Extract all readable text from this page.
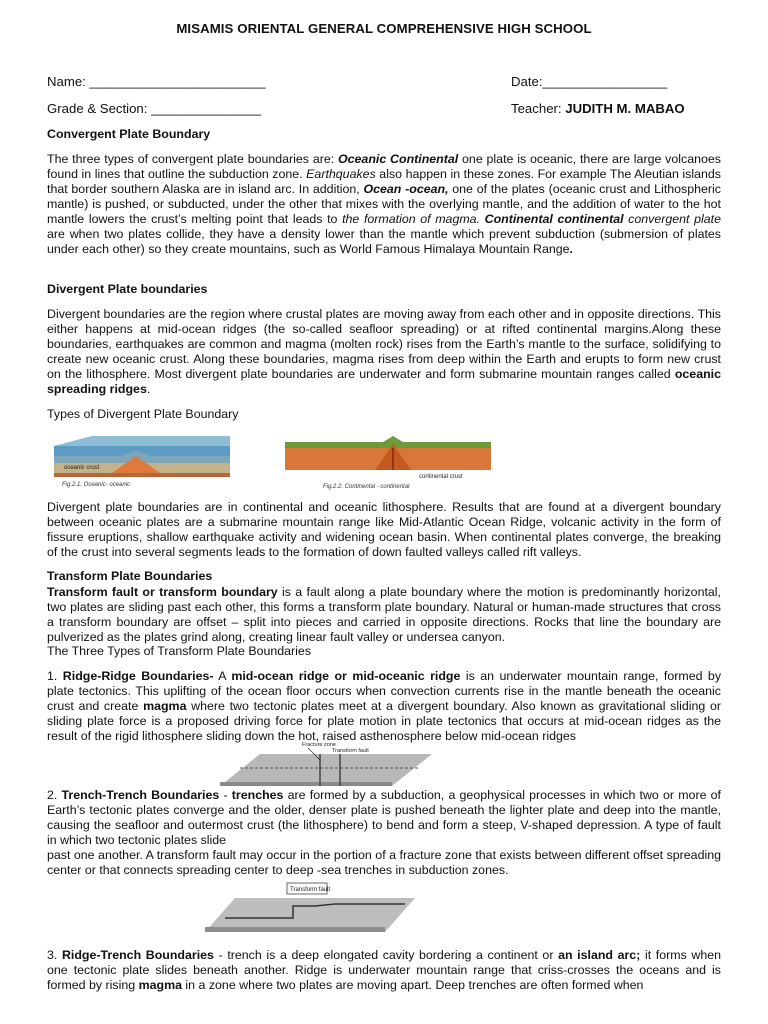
MISAMIS ORIENTAL GENERAL COMPREHENSIVE HIGH SCHOOL
Name: ________________________	Date:_________________
Grade & Section: _______________	Teacher: JUDITH M. MABAO
Convergent Plate Boundary
The three types of convergent plate boundaries are: Oceanic Continental one plate is oceanic, there are large volcanoes found in lines that outline the subduction zone. Earthquakes also happen in these zones. For example The Aleutian islands that border southern Alaska are in island arc. In addition, Ocean -ocean, one of the plates (oceanic crust and Lithospheric mantle) is pushed, or subducted, under the other that mixes with the overlying mantle, and the addition of water to the hot mantle lowers the crust’s melting point that leads to the formation of magma. Continental continental convergent plate are when two plates collide, they have a density lower than the mantle which prevent subduction (submersion of plates under each other) so they create mountains, such as World Famous Himalaya Mountain Range.
Divergent Plate boundaries
Divergent boundaries are the region where crustal plates are moving away from each other and in opposite directions. This either happens at mid-ocean ridges (the so-called seafloor spreading) or at rifted continental margins.Along these boundaries, earthquakes are common and magma (molten rock) rises from the Earth’s mantle to the surface, solidifying to create new oceanic crust. Along these boundaries, magma rises from deep within the Earth and erupts to form new crust on the lithosphere. Most divergent plate boundaries are underwater and form submarine mountain ranges called oceanic spreading ridges.
Types of Divergent Plate Boundary
oceanic crust
Fig.2.1. Oceanic- oceanic
continental crust
Fig.2.2. Continental - continental
Divergent plate boundaries are in continental and oceanic lithosphere. Results that are found at a divergent boundary between oceanic plates are a submarine mountain range like Mid-Atlantic Ocean Ridge, volcanic activity in the form of fissure eruptions, shallow earthquake activity and widening ocean basin. When continental plates converge, the breaking of the crust into several segments leads to the formation of down faulted valleys called rift valleys.
Transform Plate Boundaries
Transform fault or transform boundary is a fault along a plate boundary where the motion is predominantly horizontal, two plates are sliding past each other, this forms a transform plate boundary. Natural or human-made structures that cross a transform boundary are offset – split into pieces and carried in opposite directions. Rocks that line the boundary are pulverized as the plates grind along, creating linear fault valley or undersea canyon.
The Three Types of Transform Plate Boundaries
1. Ridge-Ridge Boundaries- A mid-ocean ridge or mid-oceanic ridge is an underwater mountain range, formed by plate tectonics. This uplifting of the ocean floor occurs when convection currents rise in the mantle beneath the oceanic crust and create magma where two tectonic plates meet at a divergent boundary. Also known as gravitational sliding or sliding plate force is a proposed driving force for plate motion in plate tectonics that occurs at mid-ocean ridges as the result of the rigid lithosphere sliding down the hot, raised asthenosphere below mid-ocean ridges
Fracture zone
Transform fault
2. Trench-Trench Boundaries - trenches are formed by a subduction, a geophysical processes in which two or more of Earth’s tectonic plates converge and the older, denser plate is pushed beneath the lighter plate and deep into the mantle, causing the seafloor and outermost crust (the lithosphere) to bend and form a steep, V-shaped depression. A type of fault in which two tectonic plates slide
past one another. A transform fault may occur in the portion of a fracture zone that exists between different offset spreading center or that connects spreading center to deep -sea trenches in subduction zones.
Transform fault
3. Ridge-Trench Boundaries - trench is a deep elongated cavity bordering a continent or an island arc; it forms when one tectonic plate slides beneath another. Ridge is underwater mountain range that criss-crosses the oceans and is formed by rising magma in a zone where two plates are moving apart. Deep trenches are often formed when
